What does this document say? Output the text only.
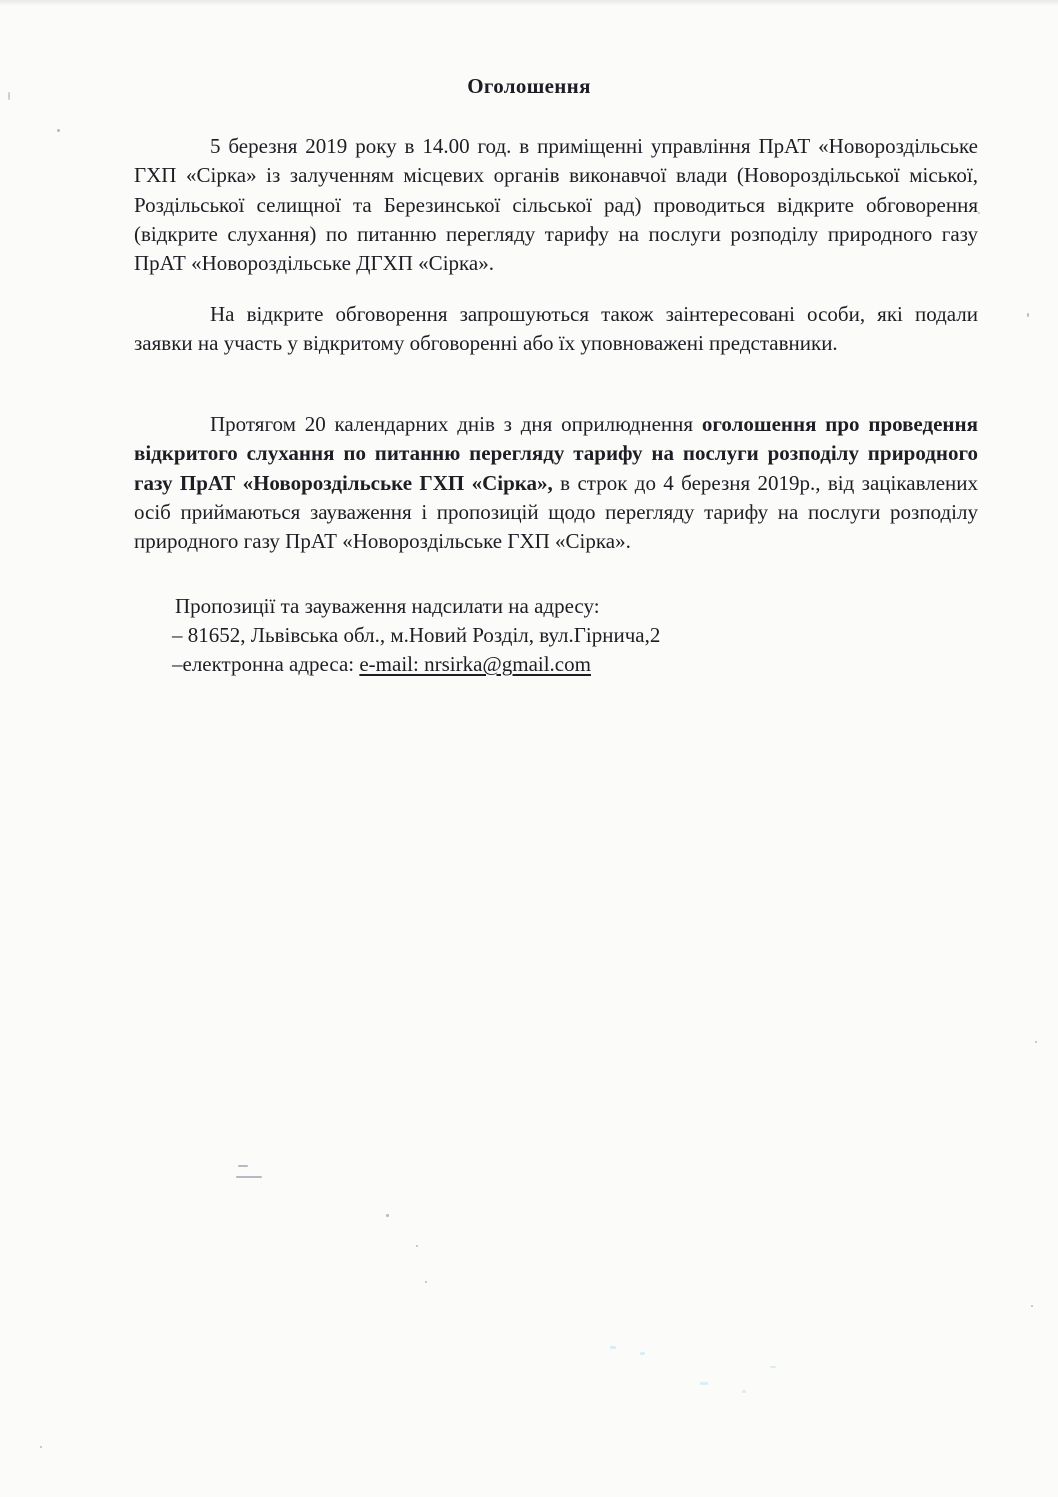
Оголошення
5 березня 2019 року в 14.00 год. в приміщенні управління ПрАТ «Новороздільське ГХП «Сірка» із залученням місцевих органів виконавчої влади (Новороздільської міської, Роздільської селищної та Березинської сільської рад) проводиться відкрите обговорення (відкрите слухання) по питанню перегляду тарифу на послуги розподілу природного газу ПрАТ «Новороздільське ДГХП «Сірка».
На відкрите обговорення запрошуються також заінтересовані особи, які подали заявки на участь у відкритому обговоренні або їх уповноважені представники.
Протягом 20 календарних днів з дня оприлюднення оголошення про проведення відкритого слухання по питанню перегляду тарифу на послуги розподілу природного газу ПрАТ «Новороздільське ГХП «Сірка», в строк до 4 березня 2019р., від зацікавлених осіб приймаються зауваження і пропозицій щодо перегляду тарифу на послуги розподілу природного газу ПрАТ «Новороздільське ГХП «Сірка».
Пропозиції та зауваження надсилати на адресу:
– 81652, Львівська обл., м.Новий Розділ, вул.Гірнича,2
–електронна адреса: e-mail: nrsirka@gmail.com
